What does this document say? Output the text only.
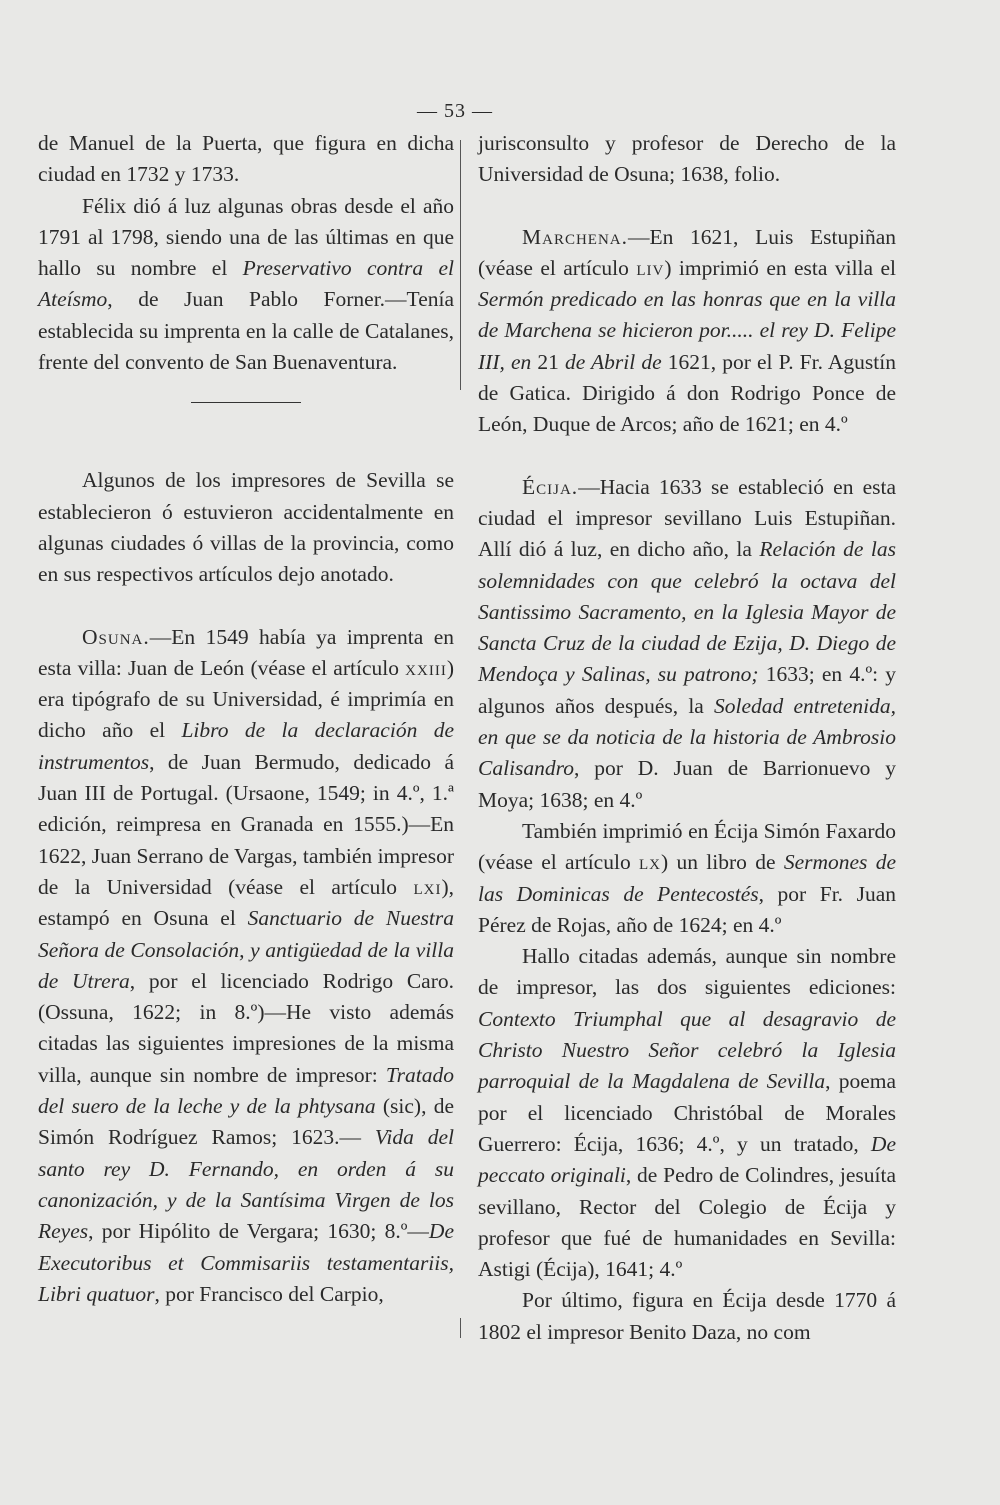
— 53 —

de Manuel de la Puerta, que figura en dicha ciudad en 1732 y 1733.

Félix dió á luz algunas obras desde el año 1791 al 1798, siendo una de las últimas en que hallo su nombre el Preservativo contra el Ateísmo, de Juan Pablo Forner.—Tenía establecida su imprenta en la calle de Catalanes, frente del convento de San Buenaventura.

Algunos de los impresores de Sevilla se establecieron ó estuvieron accidentalmente en algunas ciudades ó villas de la provincia, como en sus respectivos artículos dejo anotado.

Osuna.—En 1549 había ya imprenta en esta villa: Juan de León (véase el artículo xxiii) era tipógrafo de su Universidad, é imprimía en dicho año el Libro de la declaración de instrumentos, de Juan Bermudo, dedicado á Juan III de Portugal. (Ursaone, 1549; in 4.º, 1.ª edición, reimpresa en Granada en 1555.)—En 1622, Juan Serrano de Vargas, también impresor de la Universidad (véase el artículo lxi), estampó en Osuna el Sanctuario de Nuestra Señora de Consolación, y antigüedad de la villa de Utrera, por el licenciado Rodrigo Caro. (Ossuna, 1622; in 8.º)—He visto además citadas las siguientes impresiones de la misma villa, aunque sin nombre de impresor: Tratado del suero de la leche y de la phtysana (sic), de Simón Rodríguez Ramos; 1623.— Vida del santo rey D. Fernando, en orden á su canonización, y de la Santísima Virgen de los Reyes, por Hipólito de Vergara; 1630; 8.º—De Executoribus et Commisariis testamentariis, Libri quatuor, por Francisco del Carpio,

jurisconsulto y profesor de Derecho de la Universidad de Osuna; 1638, folio.

Marchena.—En 1621, Luis Estupiñan (véase el artículo liv) imprimió en esta villa el Sermón predicado en las honras que en la villa de Marchena se hicieron por..... el rey D. Felipe III, en 21 de Abril de 1621, por el P. Fr. Agustín de Gatica. Dirigido á don Rodrigo Ponce de León, Duque de Arcos; año de 1621; en 4.º

Écija.—Hacia 1633 se estableció en esta ciudad el impresor sevillano Luis Estupiñan. Allí dió á luz, en dicho año, la Relación de las solemnidades con que celebró la octava del Santissimo Sacramento, en la Iglesia Mayor de Sancta Cruz de la ciudad de Ezija, D. Diego de Mendoça y Salinas, su patrono; 1633; en 4.º: y algunos años después, la Soledad entretenida, en que se da noticia de la historia de Ambrosio Calisandro, por D. Juan de Barrionuevo y Moya; 1638; en 4.º

También imprimió en Écija Simón Faxardo (véase el artículo lx) un libro de Sermones de las Dominicas de Pentecostés, por Fr. Juan Pérez de Rojas, año de 1624; en 4.º

Hallo citadas además, aunque sin nombre de impresor, las dos siguientes ediciones: Contexto Triumphal que al desagravio de Christo Nuestro Señor celebró la Iglesia parroquial de la Magdalena de Sevilla, poema por el licenciado Christóbal de Morales Guerrero: Écija, 1636; 4.º, y un tratado, De peccato originali, de Pedro de Colindres, jesuíta sevillano, Rector del Colegio de Écija y profesor que fué de humanidades en Sevilla: Astigi (Écija), 1641; 4.º

Por último, figura en Écija desde 1770 á 1802 el impresor Benito Daza, no com
